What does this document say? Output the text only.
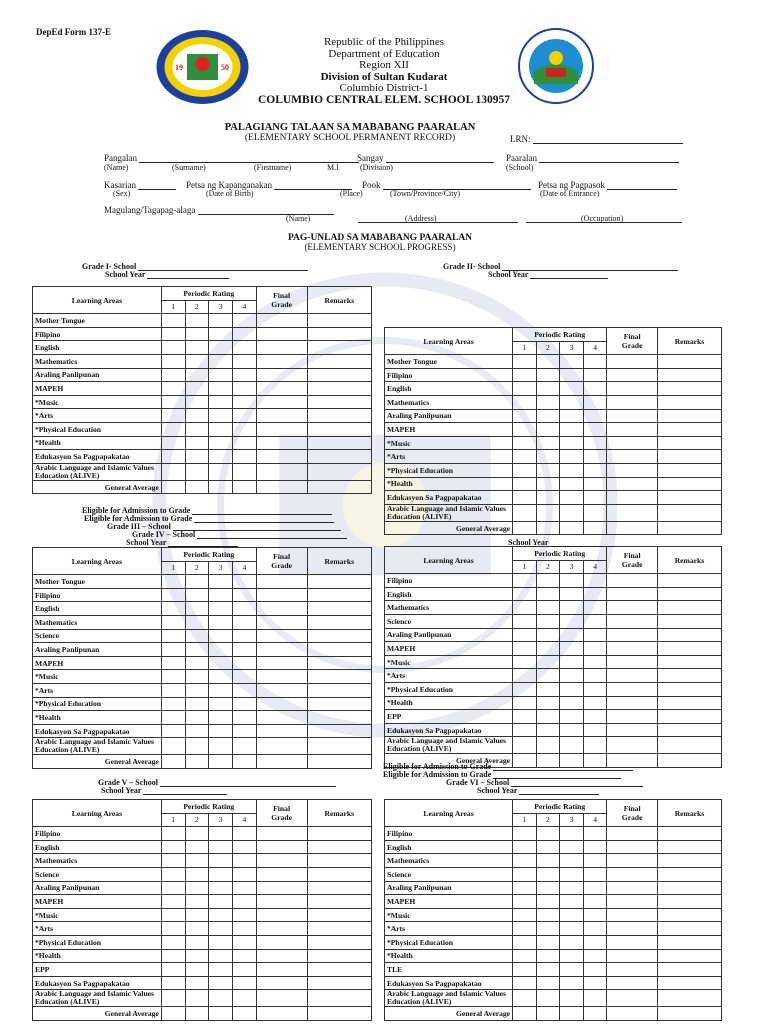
DepEd Form 137-E
19	50
Republic of the Philippines
Department of Education
Region XII
Division of Sultan Kudarat
Columbio District-1
COLUMBIO CENTRAL ELEM. SCHOOL 130957
PALAGIANG TALAAN SA MABABANG PAARALAN
(ELEMENTARY SCHOOL PERMANENT RECORD)	LRN:
Pangalan
(Name)	(Surname)	(Firstname)	M.I
Sangay
(Division)
Paaralan
(School)
Kasarian
(Sex)
Petsa ng Kapanganakan
(Date of Birth)
Pook
(Place)	(Town/Province/City)
Petsa ng Pagpasok
(Date of Entrance)
Magulang/Tagapag-alaga
(Name)	(Address)	(Occupation)
PAG-UNLAD SA MABABANG PAARALAN
(ELEMENTARY SCHOOL PROGRESS)
Grade I- School
School Year
Grade II- School
School Year
Learning Areas	Periodic Rating				Final
Grade	Remarks
	1	2	3	4		
Mother Tongue						
Filipino						
English						
Mathematics						
Araling Panlipunan						
MAPEH						
*Music						
*Arts						
*Physical Education						
*Health						
Edukasyon Sa Pagpapakatao						
Arabic Language and Islamic Values Education (ALIVE)						
General Average						
Learning Areas	Periodic Rating				Final
Grade	Remarks
	1	2	3	4		
Mother Tongue						
Filipino						
English						
Mathematics						
Araling Panlipunan						
MAPEH						
*Music						
*Arts						
*Physical Education						
*Health						
Edukasyon Sa Pagpapakatao						
Arabic Language and Islamic Values Education (ALIVE)						
General Average						
Learning Areas	Periodic Rating				Final
Grade	Remarks
	1	2	3	4		
Mother Tongue						
Filipino						
English						
Mathematics						
Science						
Araling Panlipunan						
MAPEH						
*Music						
*Arts						
*Physical Education						
*Health						
Edukasyon Sa Pagpapakatao						
Arabic Language and Islamic Values Education (ALIVE)						
General Average						
Learning Areas	Periodic Rating				Final
Grade	Remarks
	1	2	3	4		
Filipino						
English						
Mathematics						
Science						
Araling Panlipunan						
MAPEH						
*Music						
*Arts						
*Physical Education						
*Health						
EPP						
Edukasyon Sa Pagpapakatao						
Arabic Language and Islamic Values Education (ALIVE)						
General Average						
Learning Areas	Periodic Rating				Final
Grade	Remarks
	1	2	3	4		
Filipino						
English						
Mathematics						
Science						
Araling Panlipunan						
MAPEH						
*Music						
*Arts						
*Physical Education						
*Health						
EPP						
Edukasyon Sa Pagpapakatao						
Arabic Language and Islamic Values Education (ALIVE)						
General Average						
Learning Areas	Periodic Rating				Final
Grade	Remarks
	1	2	3	4		
Filipino						
English						
Mathematics						
Science						
Araling Panlipunan						
MAPEH						
*Music						
*Arts						
*Physical Education						
*Health						
TLE						
Edukasyon Sa Pagpapakatao						
Arabic Language and Islamic Values Education (ALIVE)						
General Average						
Eligible for Admission to Grade
Eligible for Admission to Grade
Grade III – School
Grade IV – School
School Year	School Year
Eligible for Admission to Grade
Eligible for Admission to Grade
Grade V – School
School Year
Grade VI – School
School Year
